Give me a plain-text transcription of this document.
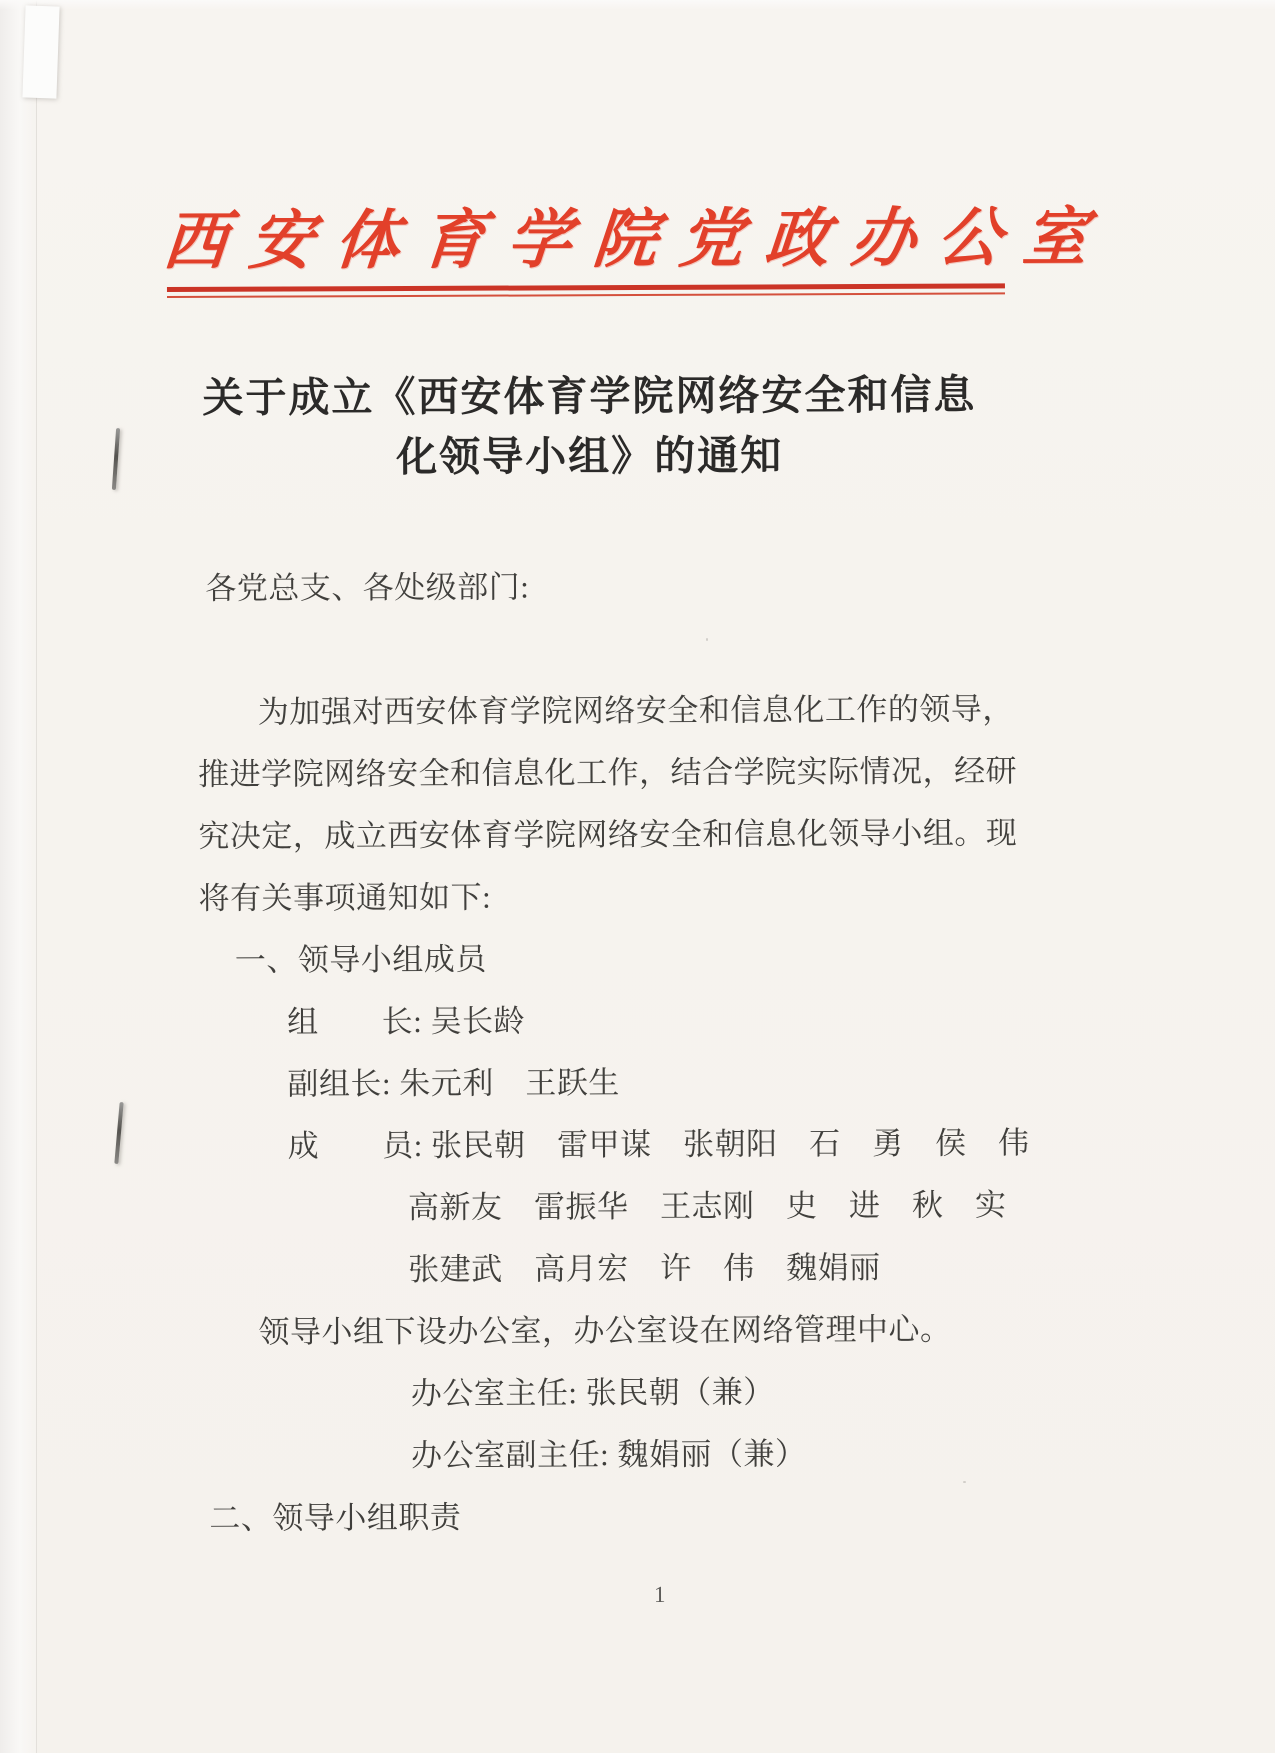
西安体育学院党政办公室
关于成立《西安体育学院网络安全和信息
化领导小组》的通知
各党总支、各处级部门:
为加强对西安体育学院网络安全和信息化工作的领导，
推进学院网络安全和信息化工作，结合学院实际情况，经研
究决定，成立西安体育学院网络安全和信息化领导小组。现
将有关事项通知如下:
一、领导小组成员
组　　长: 吴长龄
副组长: 朱元利　王跃生
成　　员: 张民朝　雷甲谋　张朝阳　石　勇　侯　伟
高新友　雷振华　王志刚　史　进　秋　实
张建武　高月宏　许　伟　魏娟丽
领导小组下设办公室，办公室设在网络管理中心。
办公室主任: 张民朝（兼）
办公室副主任: 魏娟丽（兼）
二、领导小组职责
1
